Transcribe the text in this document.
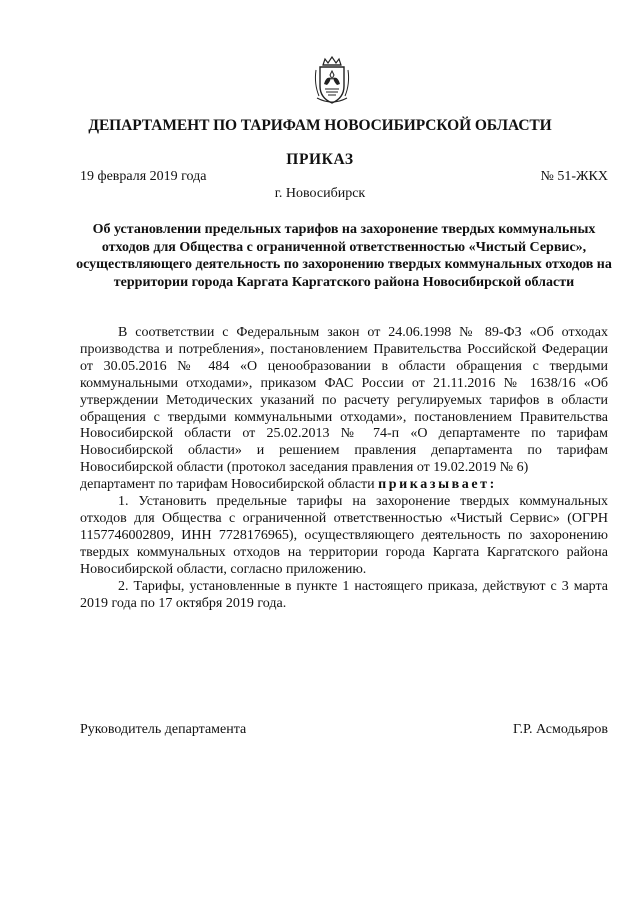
ДЕПАРТАМЕНТ ПО ТАРИФАМ НОВОСИБИРСКОЙ ОБЛАСТИ
ПРИКАЗ
19 февраля 2019 года	№ 51-ЖКХ
г. Новосибирск
Об установлении предельных тарифов на захоронение твердых коммунальных отходов для Общества с ограниченной ответственностью «Чистый Сервис», осуществляющего деятельность по захоронению твердых коммунальных отходов на территории города Каргата Каргатского района Новосибирской области

В соответствии с Федеральным закон от 24.06.1998 № 89-ФЗ «Об отходах производства и потребления», постановлением Правительства Российской Федерации от 30.05.2016 № 484 «О ценообразовании в области обращения с твердыми коммунальными отходами», приказом ФАС России от 21.11.2016 № 1638/16 «Об утверждении Методических указаний по расчету регулируемых тарифов в области обращения с твердыми коммунальными отходами», постановлением Правительства Новосибирской области от 25.02.2013 № 74-п «О департаменте по тарифам Новосибирской области» и решением правления департамента по тарифам Новосибирской области (протокол заседания правления от 19.02.2019 № 6)

департамент по тарифам Новосибирской области приказывает:

1. Установить предельные тарифы на захоронение твердых коммунальных отходов для Общества с ограниченной ответственностью «Чистый Сервис» (ОГРН 1157746002809, ИНН 7728176965), осуществляющего деятельность по захоронению твердых коммунальных отходов на территории города Каргата Каргатского района Новосибирской области, согласно приложению.

2. Тарифы, установленные в пункте 1 настоящего приказа, действуют с 3 марта 2019 года по 17 октября 2019 года.

Руководитель департамента	Г.Р. Асмодьяров
